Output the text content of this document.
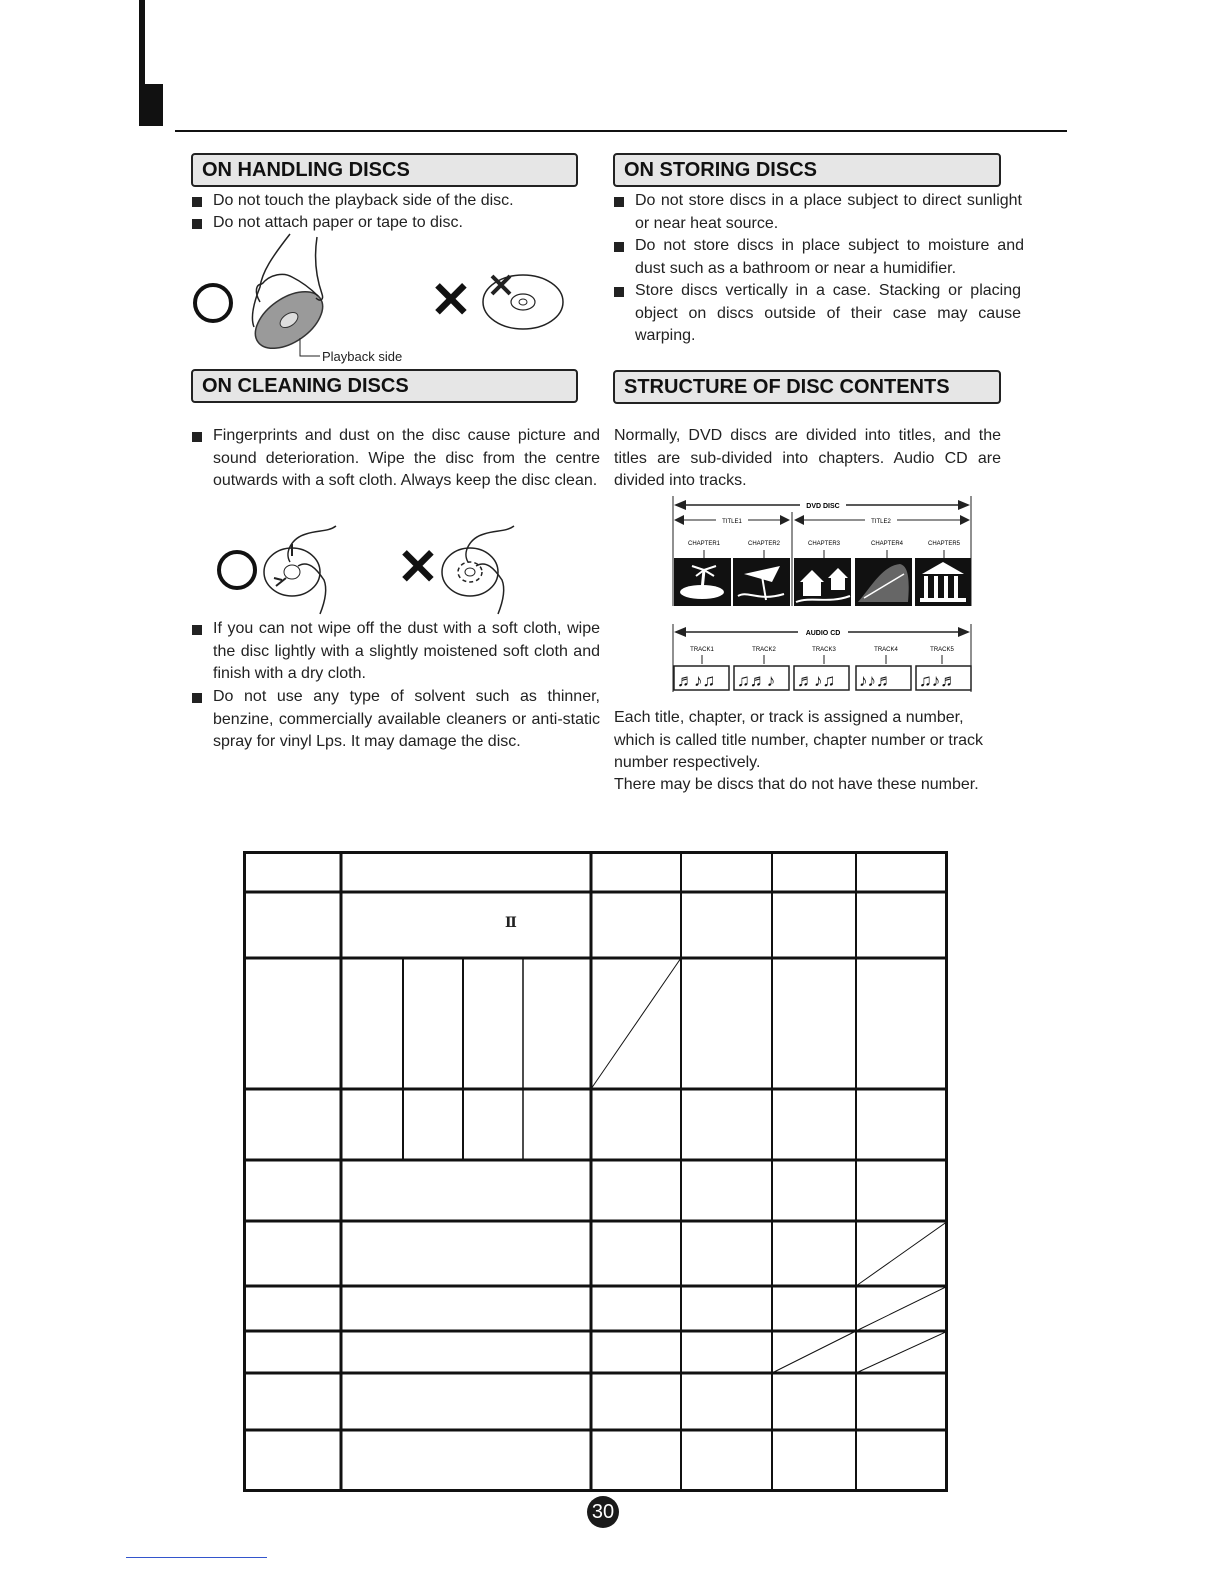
ON HANDLING DISCS
Do not touch the playback side of the disc.
Do not attach paper or tape to disc.
Playback side
✕
ON STORING DISCS
Do not store discs in a place subject to direct sunlight or near heat source.
Do not store discs in place subject to moisture and dust such as a bathroom or near a humidifier.
Store discs vertically in a case. Stacking or placing object on discs outside of their case may cause warping.
ON CLEANING DISCS
Fingerprints and dust on the disc cause picture and sound deterioration. Wipe the disc from the centre outwards with a soft cloth. Always keep the disc clean.
✕
If you can not wipe off the dust with a soft cloth, wipe the disc lightly with a slightly moistened soft cloth and finish with a dry cloth.
Do not use any type of solvent such as thinner, benzine, commercially available cleaners or anti-static spray for vinyl Lps. It may damage the disc.
STRUCTURE OF DISC CONTENTS
Normally, DVD discs are divided into titles, and the titles are sub-divided into chapters. Audio CD are divided into tracks.
DVD DISC
TITLE1	TITLE2
CHAPTER1	CHAPTER2	CHAPTER3	CHAPTER4	CHAPTER5
AUDIO CD
TRACK1	TRACK2	TRACK3	TRACK4	TRACK5
♬♪♫ ♫♬♪ ♬♪♫ ♪♪♬ ♫♪♬
Each title, chapter, or track is assigned a number, which is called title number, chapter number or track number respectively.
There may be discs that do not have these number.
Ⅱ
30
